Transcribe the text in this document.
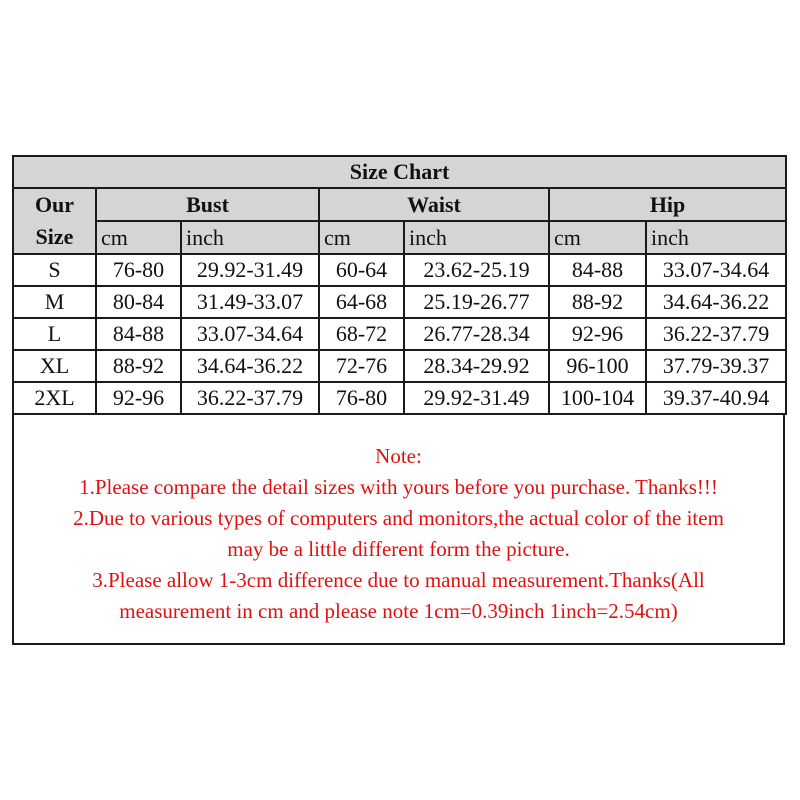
Size Chart						
Our
Size	Bust		Waist		Hip	
	cm	inch	cm	inch	cm	inch
S	76-80	29.92-31.49	60-64	23.62-25.19	84-88	33.07-34.64
M	80-84	31.49-33.07	64-68	25.19-26.77	88-92	34.64-36.22
L	84-88	33.07-34.64	68-72	26.77-28.34	92-96	36.22-37.79
XL	88-92	34.64-36.22	72-76	28.34-29.92	96-100	37.79-39.37
2XL	92-96	36.22-37.79	76-80	29.92-31.49	100-104	39.37-40.94
Note:
1.Please compare the detail sizes with yours before you purchase. Thanks!!!
2.Due to various types of computers and monitors,the actual color of the item
may be a little different form the picture.
3.Please allow 1-3cm difference due to manual measurement.Thanks(All
measurement in cm and please note 1cm=0.39inch 1inch=2.54cm)
